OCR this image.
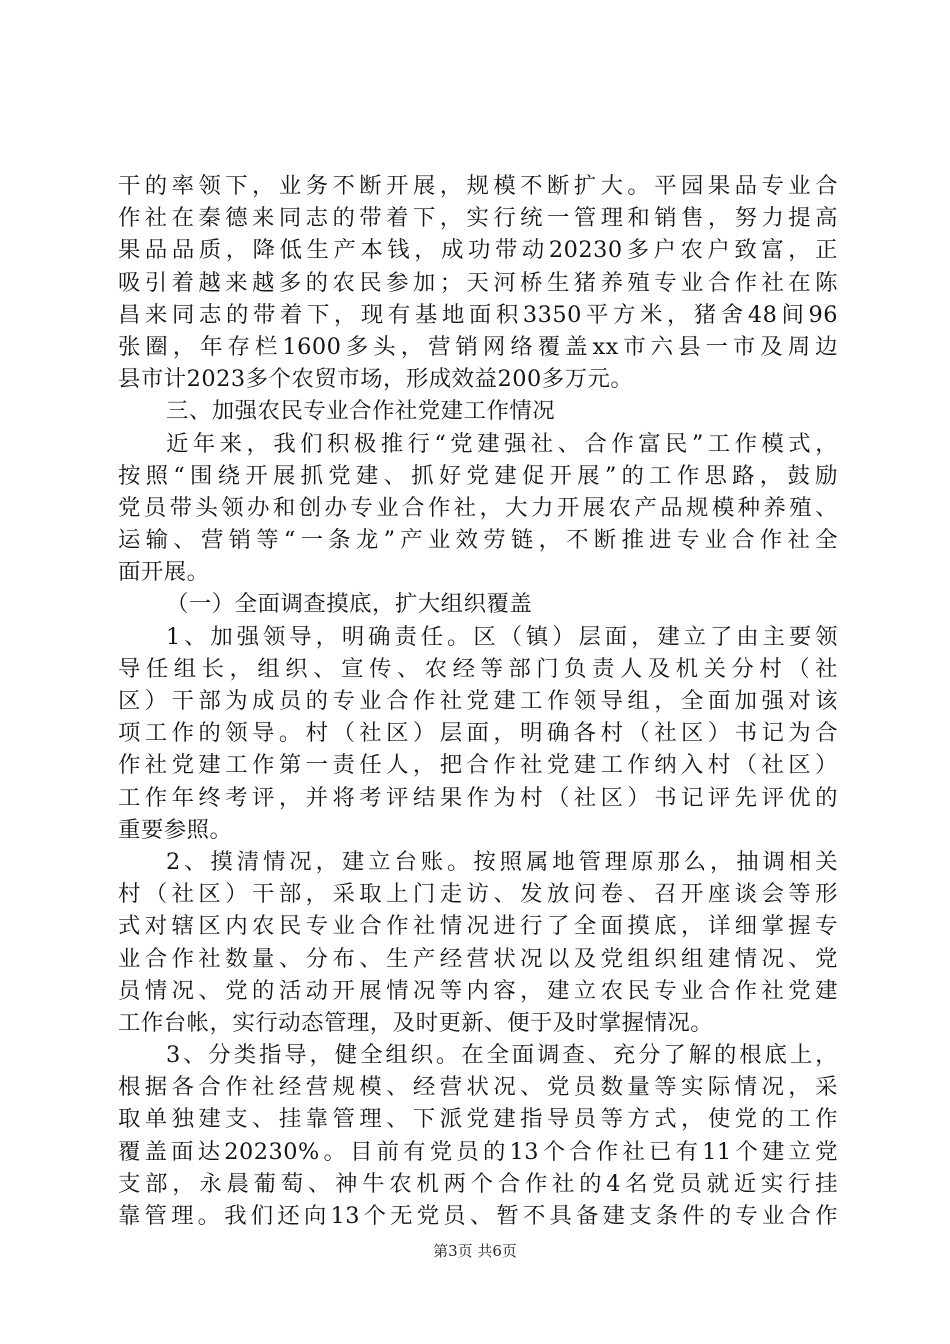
干的率领下，业务不断开展，规模不断扩大。平园果品专业合
作社在秦德来同志的带着下，实行统一管理和销售，努力提高
果品品质，降低生产本钱，成功带动20230多户农户致富，正
吸引着越来越多的农民参加；天河桥生猪养殖专业合作社在陈
昌来同志的带着下，现有基地面积3350平方米，猪舍48间96
张圈，年存栏1600多头，营销网络覆盖xx市六县一市及周边
县市计2023多个农贸市场，形成效益200多万元。
三、加强农民专业合作社党建工作情况
近年来，我们积极推行“党建强社、合作富民”工作模式，
按照“围绕开展抓党建、抓好党建促开展”的工作思路，鼓励
党员带头领办和创办专业合作社，大力开展农产品规模种养殖、
运输、营销等“一条龙”产业效劳链，不断推进专业合作社全
面开展。
（一）全面调查摸底，扩大组织覆盖
1、加强领导，明确责任。区（镇）层面，建立了由主要领
导任组长，组织、宣传、农经等部门负责人及机关分村（社
区）干部为成员的专业合作社党建工作领导组，全面加强对该
项工作的领导。村（社区）层面，明确各村（社区）书记为合
作社党建工作第一责任人，把合作社党建工作纳入村（社区）
工作年终考评，并将考评结果作为村（社区）书记评先评优的
重要参照。
2、摸清情况，建立台账。按照属地管理原那么，抽调相关
村（社区）干部，采取上门走访、发放问卷、召开座谈会等形
式对辖区内农民专业合作社情况进行了全面摸底，详细掌握专
业合作社数量、分布、生产经营状况以及党组织组建情况、党
员情况、党的活动开展情况等内容，建立农民专业合作社党建
工作台帐，实行动态管理，及时更新、便于及时掌握情况。
3、分类指导，健全组织。在全面调查、充分了解的根底上，
根据各合作社经营规模、经营状况、党员数量等实际情况，采
取单独建支、挂靠管理、下派党建指导员等方式，使党的工作
覆盖面达20230%。目前有党员的13个合作社已有11个建立党
支部，永晨葡萄、神牛农机两个合作社的4名党员就近实行挂
靠管理。我们还向13个无党员、暂不具备建支条件的专业合作
第3页 共6页
